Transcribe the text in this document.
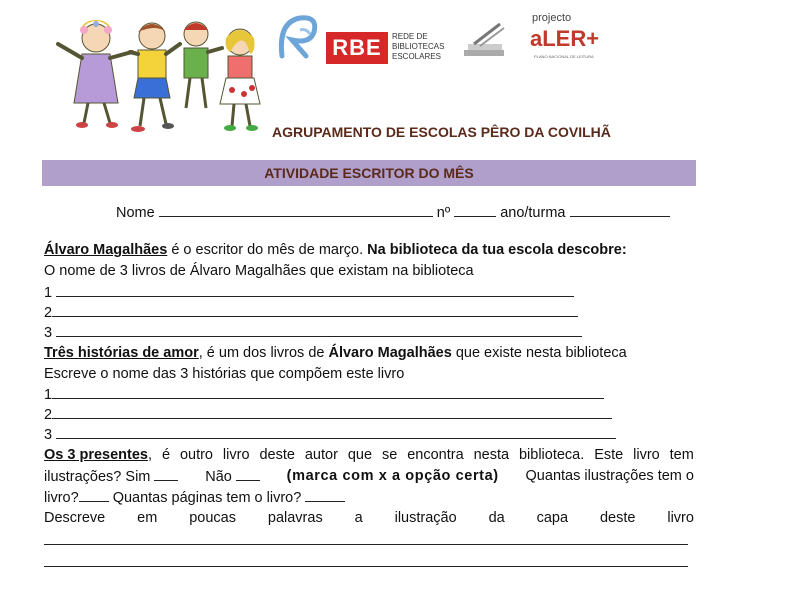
RBE	REDE DE
BIBLIOTECAS
ESCOLARES
projecto
aLER+
PLANO NACIONAL DE LEITURA
AGRUPAMENTO DE ESCOLAS PÊRO DA COVILHÃ
ATIVIDADE ESCRITOR DO MÊS
Nome	nº	ano/turma
Álvaro Magalhães é o escritor do mês de março. Na biblioteca da tua escola descobre:
O nome de 3 livros de Álvaro Magalhães que existam na biblioteca
1
2
3
Três histórias de amor, é um dos livros de Álvaro Magalhães que existe nesta biblioteca
Escreve o nome das 3 histórias que compõem este livro
1
2
3
Os 3 presentes, é outro livro deste autor que se encontra nesta biblioteca. Este livro tem
ilustrações? Sim	Não	(marca com x a opção certa) Quantas ilustrações tem o
livro? Quantas páginas tem o livro?
Descreve em poucas palavras a ilustração da capa deste livro
